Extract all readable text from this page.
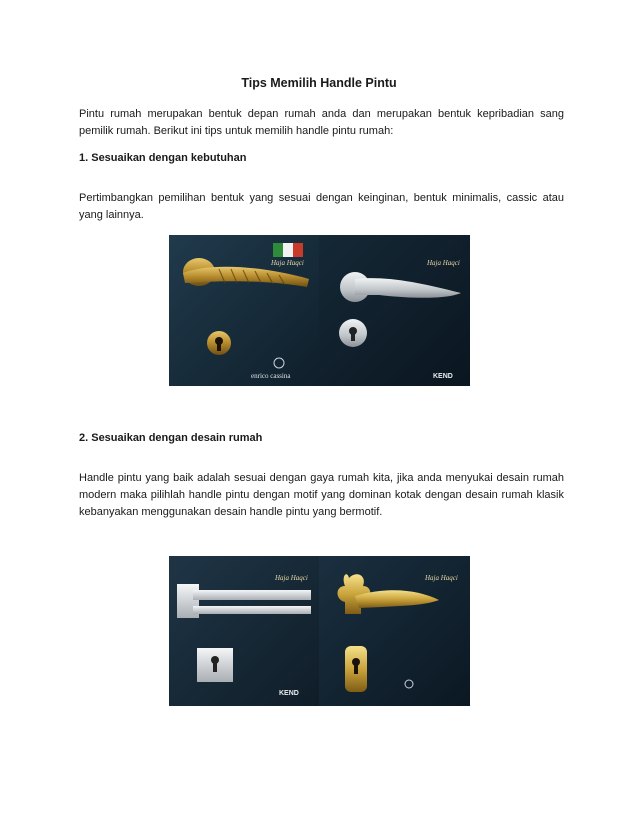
Tips Memilih Handle Pintu

Pintu rumah merupakan bentuk depan rumah anda dan merupakan bentuk kepribadian sang pemilik rumah. Berikut ini tips untuk memilih handle pintu rumah:

1. Sesuaikan dengan kebutuhan

Pertimbangkan pemilihan bentuk yang sesuai dengan keinginan, bentuk minimalis, cassic atau yang lainnya.

Haja Haqci
enrico cassina
Haja Haqci
KEND

2. Sesuaikan dengan desain rumah

Handle pintu yang baik adalah sesuai dengan gaya rumah kita, jika anda menyukai desain rumah modern maka pilihlah handle pintu dengan motif yang dominan kotak dengan desain rumah klasik kebanyakan menggunakan desain handle pintu yang bermotif.

Haja Haqci
KEND
Haja Haqci
